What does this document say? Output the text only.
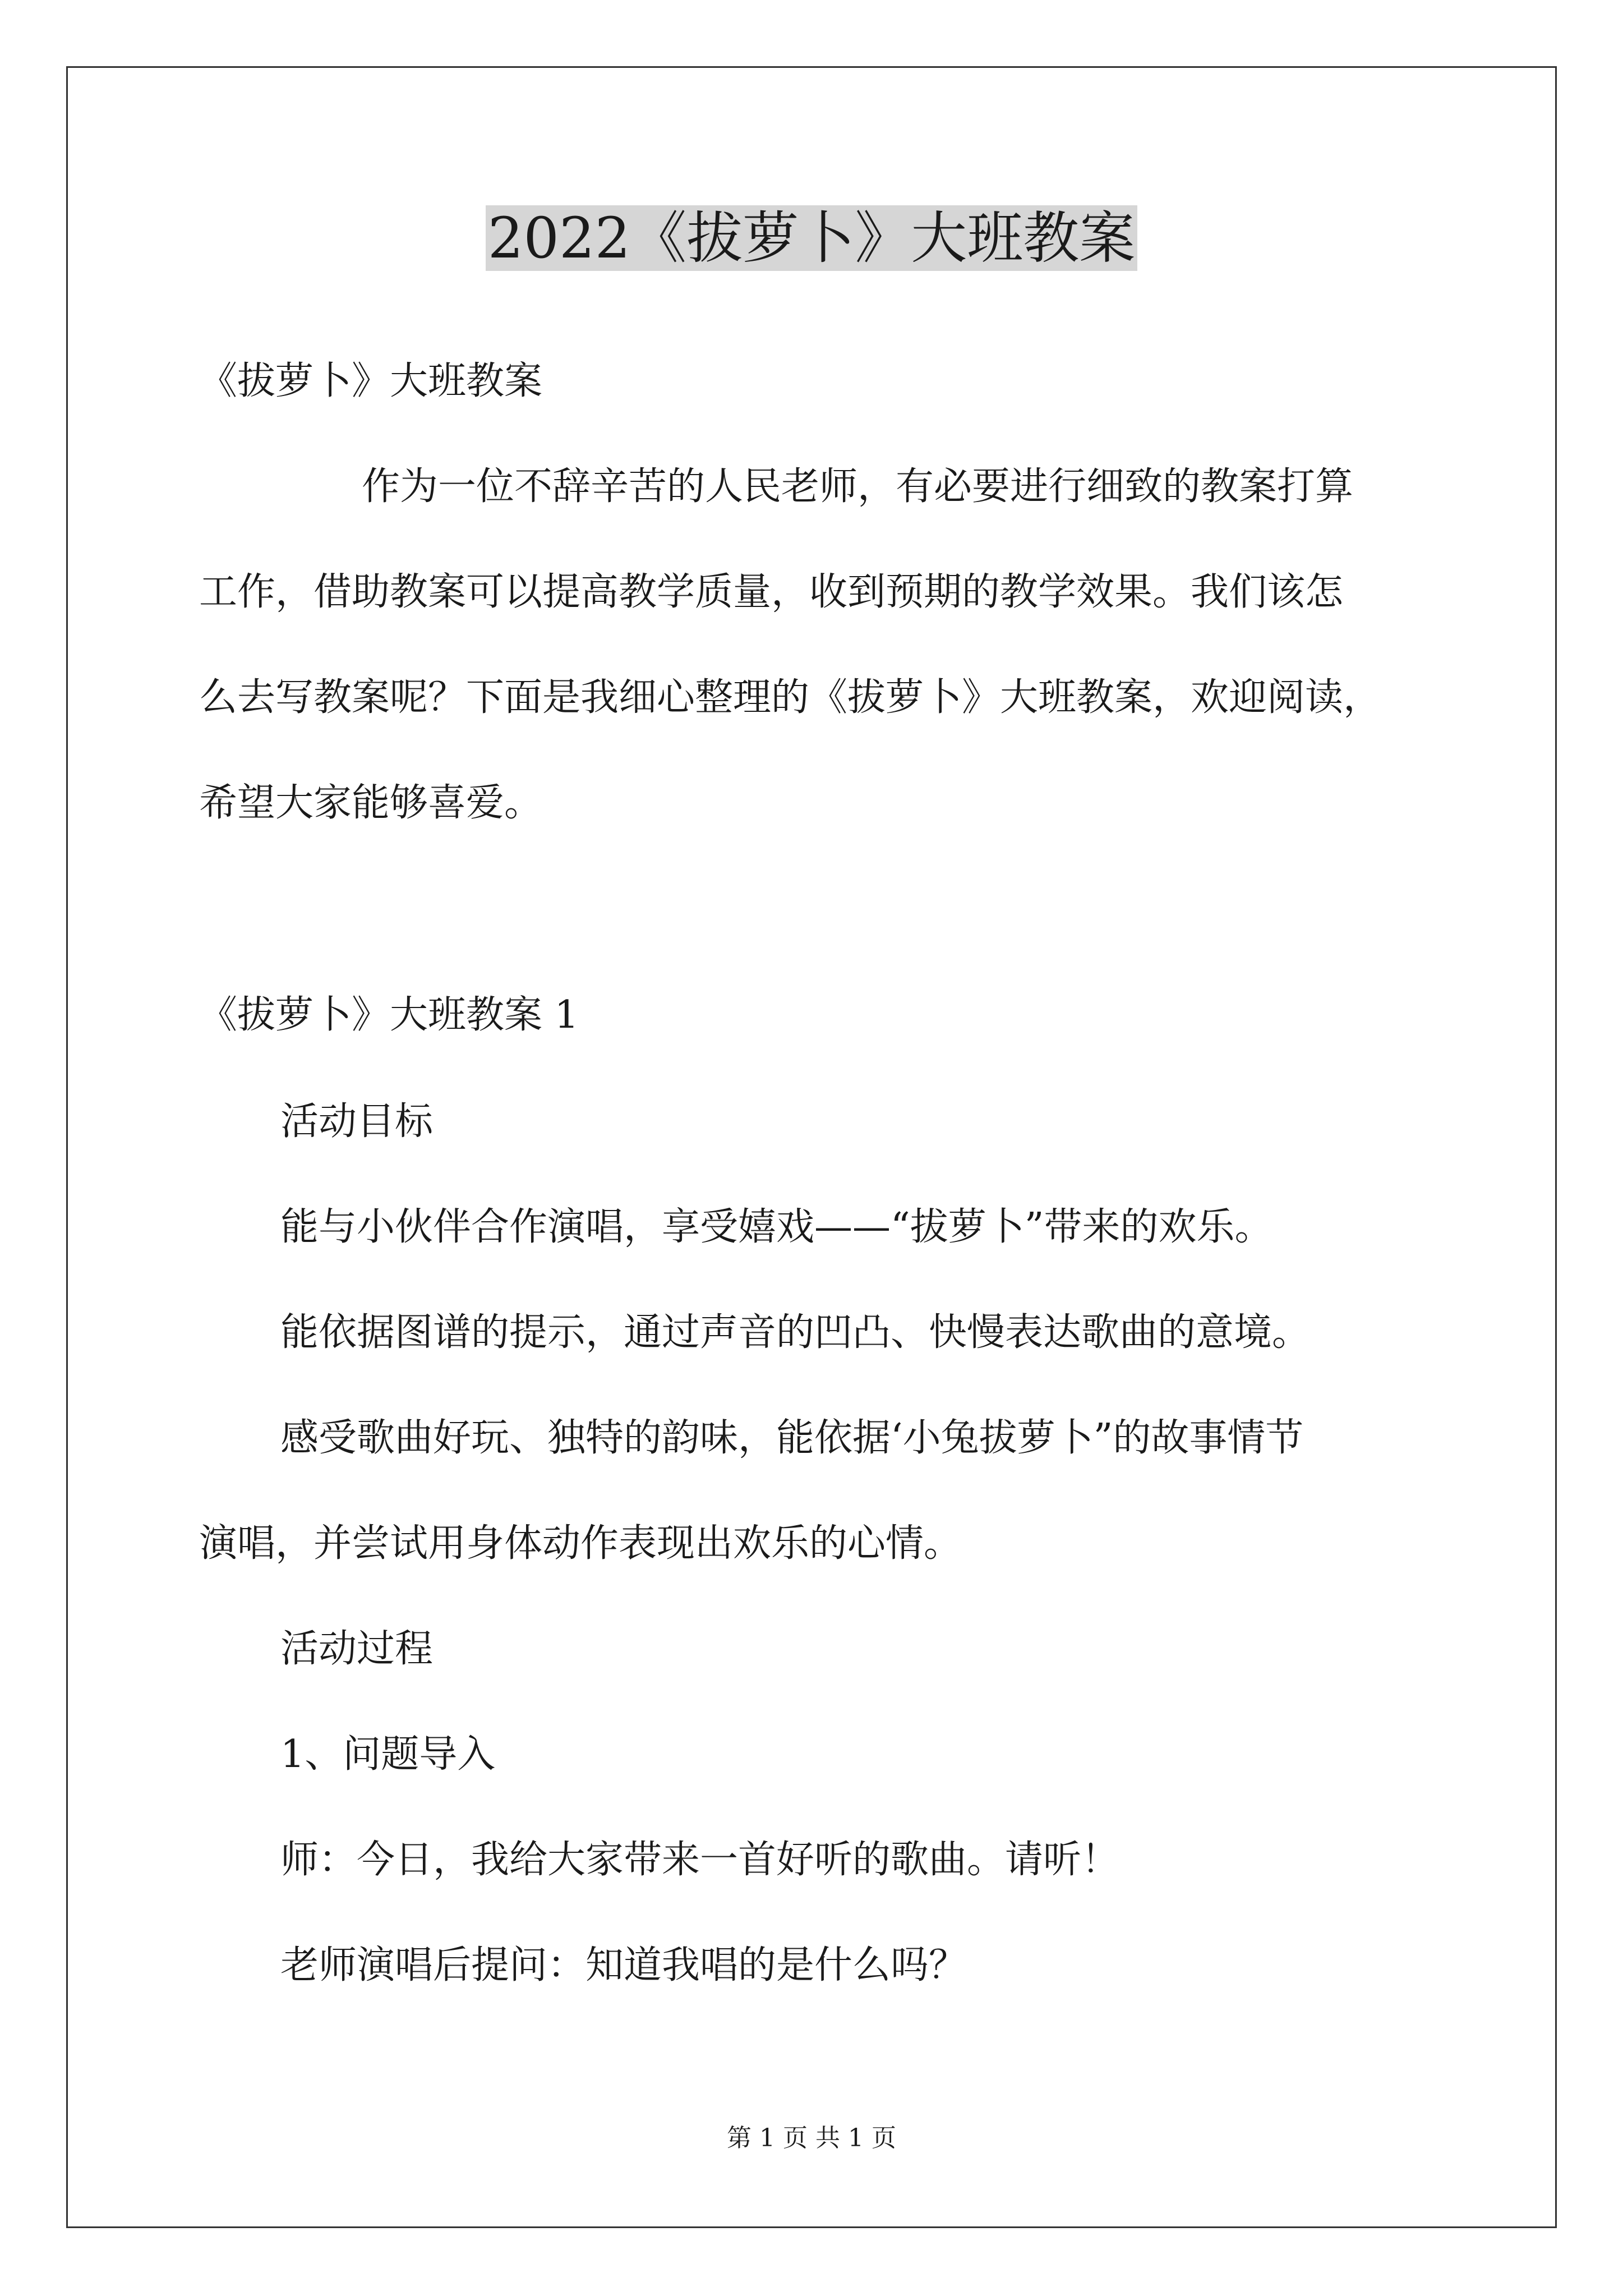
2022《拔萝卜》大班教案
《拔萝卜》大班教案
作为一位不辞辛苦的人民老师，有必要进行细致的教案打算
工作，借助教案可以提高教学质量，收到预期的教学效果。我们该怎
么去写教案呢？下面是我细心整理的《拔萝卜》大班教案，欢迎阅读，
希望大家能够喜爱。
《拔萝卜》大班教案 1
活动目标
能与小伙伴合作演唱，享受嬉戏——“拔萝卜”带来的欢乐。
能依据图谱的提示，通过声音的凹凸、快慢表达歌曲的意境。
感受歌曲好玩、独特的韵味，能依据‘小兔拔萝卜”的故事情节
演唱，并尝试用身体动作表现出欢乐的心情。
活动过程
1、问题导入
师：今日，我给大家带来一首好听的歌曲。请听！
老师演唱后提问：知道我唱的是什么吗？
第 1 页 共 1 页
